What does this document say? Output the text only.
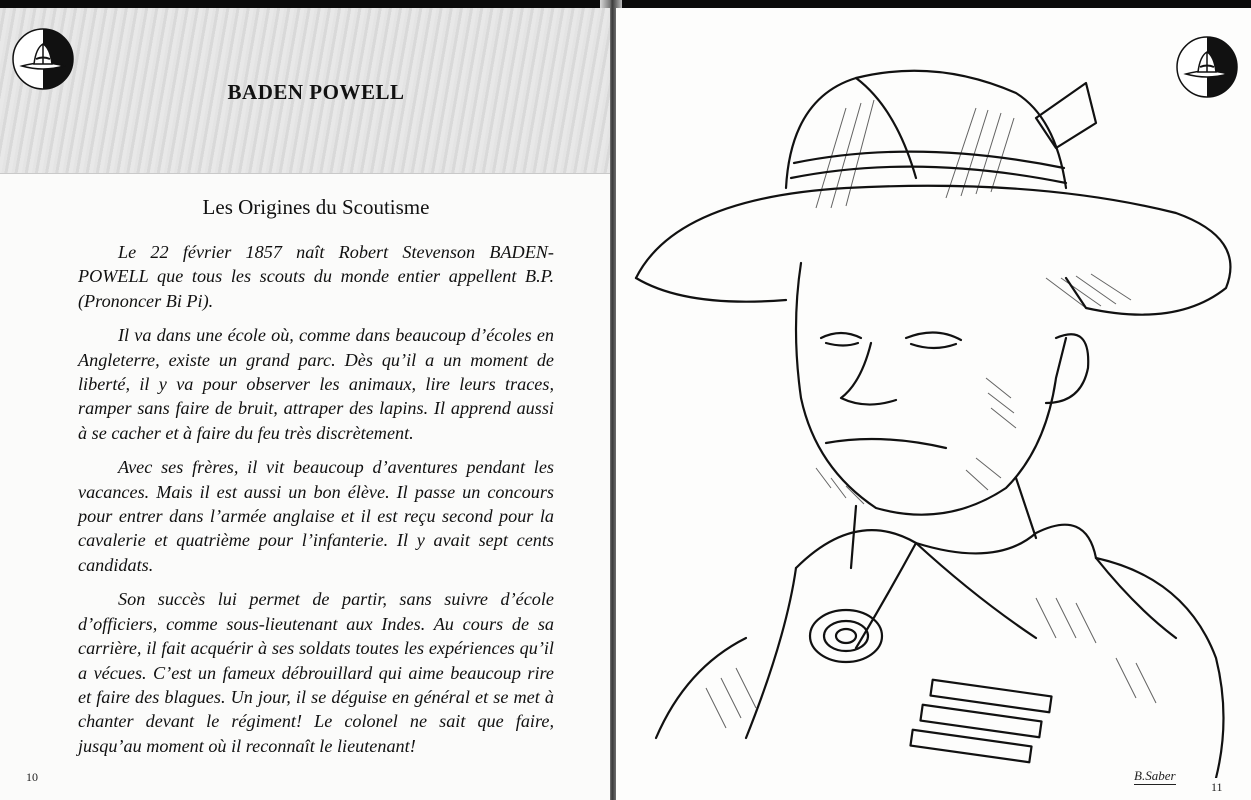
BADEN POWELL
Les Origines du Scoutisme

Le 22 février 1857 naît Robert Stevenson BADEN-POWELL que tous les scouts du monde entier appellent B.P. (Prononcer Bi Pi).

Il va dans une école où, comme dans beaucoup d’écoles en Angleterre, existe un grand parc. Dès qu’il a un moment de liberté, il y va pour observer les animaux, lire leurs traces, ramper sans faire de bruit, attraper des lapins. Il apprend aussi à se cacher et à faire du feu très discrètement.

Avec ses frères, il vit beaucoup d’aventures pendant les vacances. Mais il est aussi un bon élève. Il passe un concours pour entrer dans l’armée anglaise et il est reçu second pour la cavalerie et quatrième pour l’infanterie. Il y avait sept cents candidats.

Son succès lui permet de partir, sans suivre d’école d’officiers, comme sous-lieutenant aux Indes. Au cours de sa carrière, il fait acquérir à ses soldats toutes les expériences qu’il a vécues. C’est un fameux débrouillard qui aime beaucoup rire et faire des blagues. Un jour, il se déguise en général et se met à chanter devant le régiment! Le colonel ne sait que faire, jusqu’au moment où il reconnaît le lieutenant!

10	B.Saber
11
